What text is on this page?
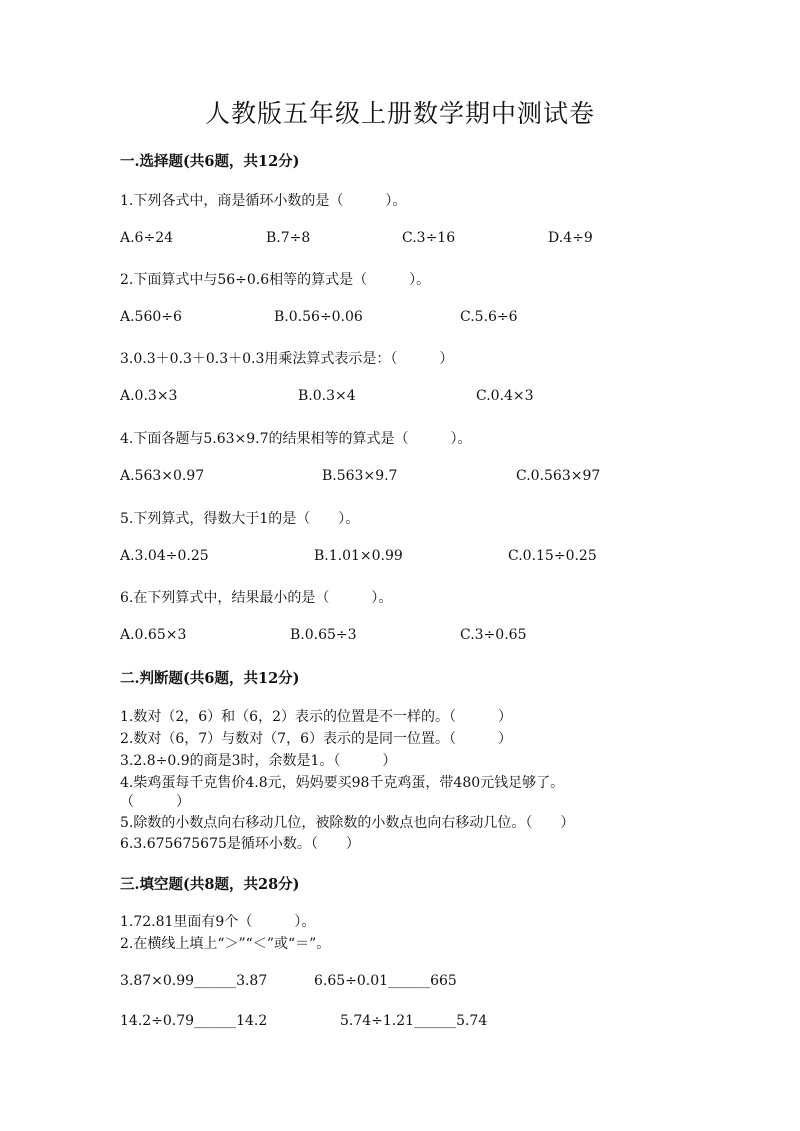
人教版五年级上册数学期中测试卷
一.选择题(共6题，共12分)
1.下列各式中，商是循环小数的是（　　　）。
A.6÷24	B.7÷8	C.3÷16	D.4÷9
2.下面算式中与56÷0.6相等的算式是（　　　）。
A.560÷6	B.0.56÷0.06	C.5.6÷6
3.0.3＋0.3＋0.3＋0.3用乘法算式表示是：（　　　）
A.0.3×3	B.0.3×4	C.0.4×3
4.下面各题与5.63×9.7的结果相等的算式是（　　　）。
A.563×0.97	B.563×9.7	C.0.563×97
5.下列算式，得数大于1的是（　　）。
A.3.04÷0.25	B.1.01×0.99	C.0.15÷0.25
6.在下列算式中，结果最小的是（　　　）。
A.0.65×3	B.0.65÷3	C.3÷0.65
二.判断题(共6题，共12分)
1.数对（2，6）和（6，2）表示的位置是不一样的。（　　　）
2.数对（6，7）与数对（7，6）表示的是同一位置。（　　　）
3.2.8÷0.9的商是3时，余数是1。（　　　）
4.柴鸡蛋每千克售价4.8元，妈妈要买98千克鸡蛋，带480元钱足够了。
（　　　）
5.除数的小数点向右移动几位，被除数的小数点也向右移动几位。（　　）
6.3.675675675是循环小数。（　　）
三.填空题(共8题，共28分)
1.72.81里面有9个（　　　）。
2.在横线上填上“＞”“＜”或“＝”。
3.87×0.99______3.87	6.65÷0.01______665
14.2÷0.79______14.2	5.74÷1.21______5.74
